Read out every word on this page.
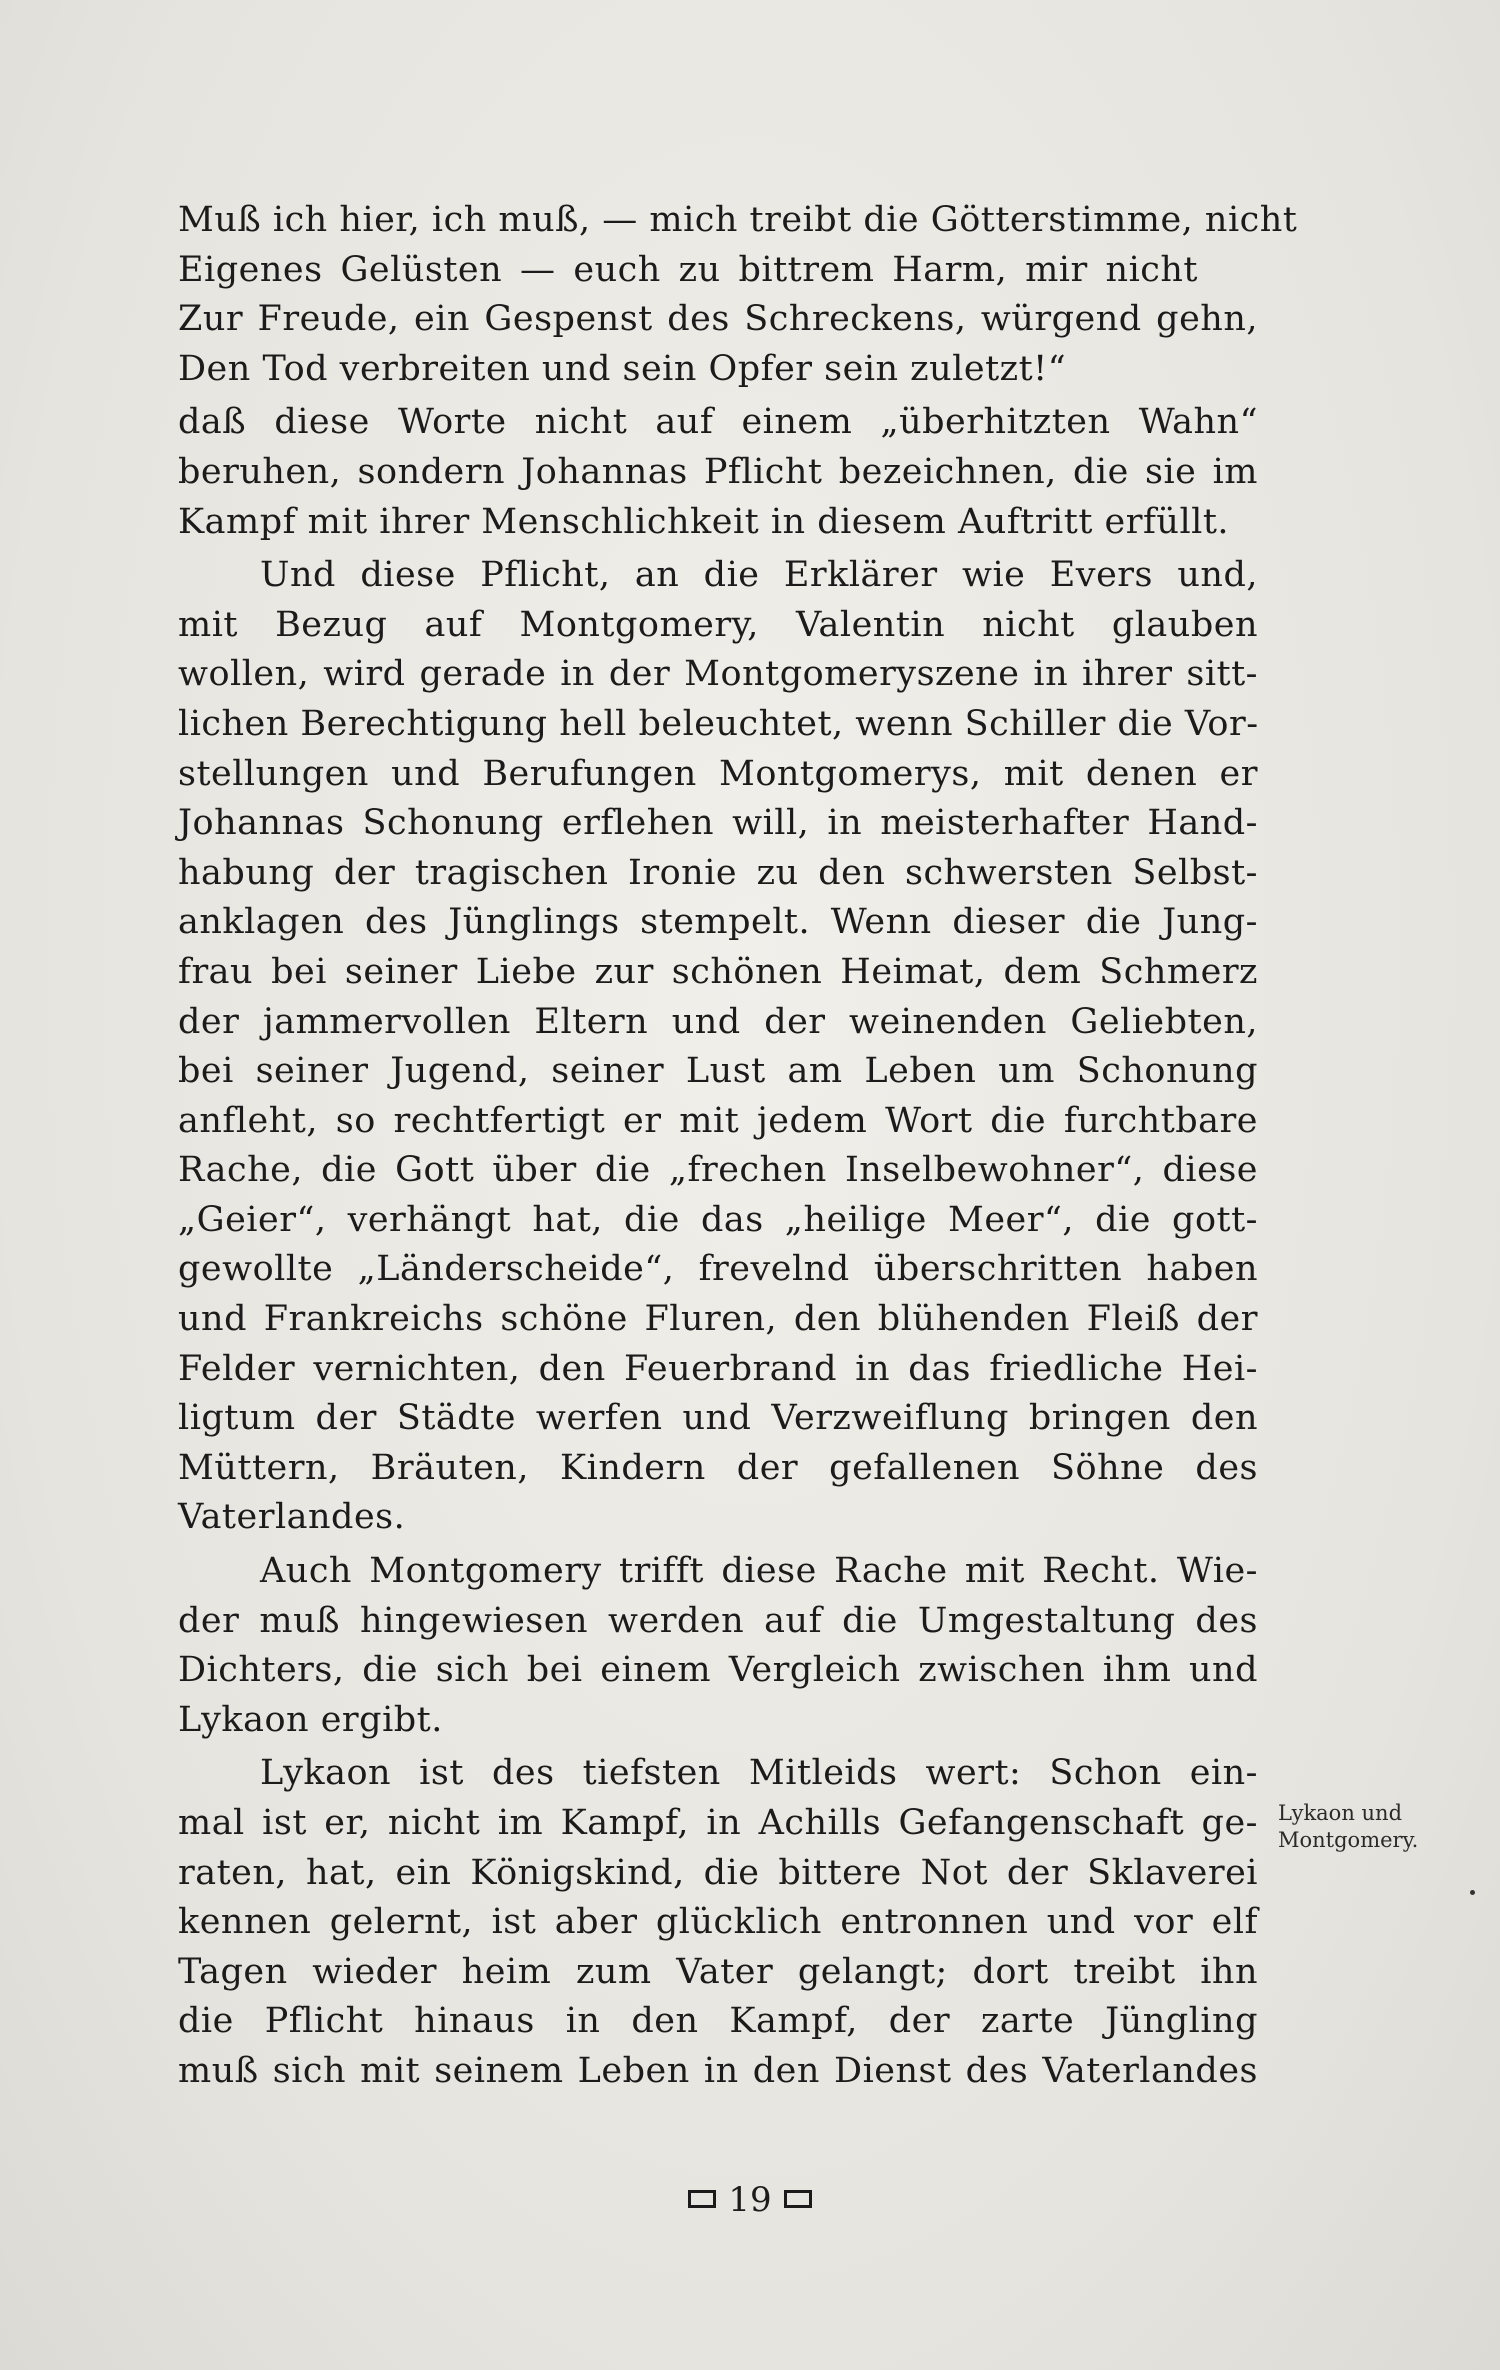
Muß ich hier, ich muß, — mich treibt die Götterstimme, nicht
Eigenes Gelüsten — euch zu bittrem Harm, mir nicht
Zur Freude, ein Gespenst des Schreckens, würgend gehn,
Den Tod verbreiten und sein Opfer sein zuletzt!“
daß diese Worte nicht auf einem „überhitzten Wahn“
beruhen, sondern Johannas Pflicht bezeichnen, die sie im
Kampf mit ihrer Menschlichkeit in diesem Auftritt erfüllt.
Und diese Pflicht, an die Erklärer wie Evers und,
mit Bezug auf Montgomery, Valentin nicht glauben
wollen, wird gerade in der Montgomeryszene in ihrer sitt-
lichen Berechtigung hell beleuchtet, wenn Schiller die Vor-
stellungen und Berufungen Montgomerys, mit denen er
Johannas Schonung erflehen will, in meisterhafter Hand-
habung der tragischen Ironie zu den schwersten Selbst-
anklagen des Jünglings stempelt. Wenn dieser die Jung-
frau bei seiner Liebe zur schönen Heimat, dem Schmerz
der jammervollen Eltern und der weinenden Geliebten,
bei seiner Jugend, seiner Lust am Leben um Schonung
anfleht, so rechtfertigt er mit jedem Wort die furchtbare
Rache, die Gott über die „frechen Inselbewohner“, diese
„Geier“, verhängt hat, die das „heilige Meer“, die gott-
gewollte „Länderscheide“, frevelnd überschritten haben
und Frankreichs schöne Fluren, den blühenden Fleiß der
Felder vernichten, den Feuerbrand in das friedliche Hei-
ligtum der Städte werfen und Verzweiflung bringen den
Müttern, Bräuten, Kindern der gefallenen Söhne des
Vaterlandes.
Auch Montgomery trifft diese Rache mit Recht. Wie-
der muß hingewiesen werden auf die Umgestaltung des
Dichters, die sich bei einem Vergleich zwischen ihm und
Lykaon ergibt.
Lykaon ist des tiefsten Mitleids wert: Schon ein-
mal ist er, nicht im Kampf, in Achills Gefangenschaft ge-
raten, hat, ein Königskind, die bittere Not der Sklaverei
kennen gelernt, ist aber glücklich entronnen und vor elf
Tagen wieder heim zum Vater gelangt; dort treibt ihn
die Pflicht hinaus in den Kampf, der zarte Jüngling
muß sich mit seinem Leben in den Dienst des Vaterlandes
Lykaon und
Montgomery.
19
